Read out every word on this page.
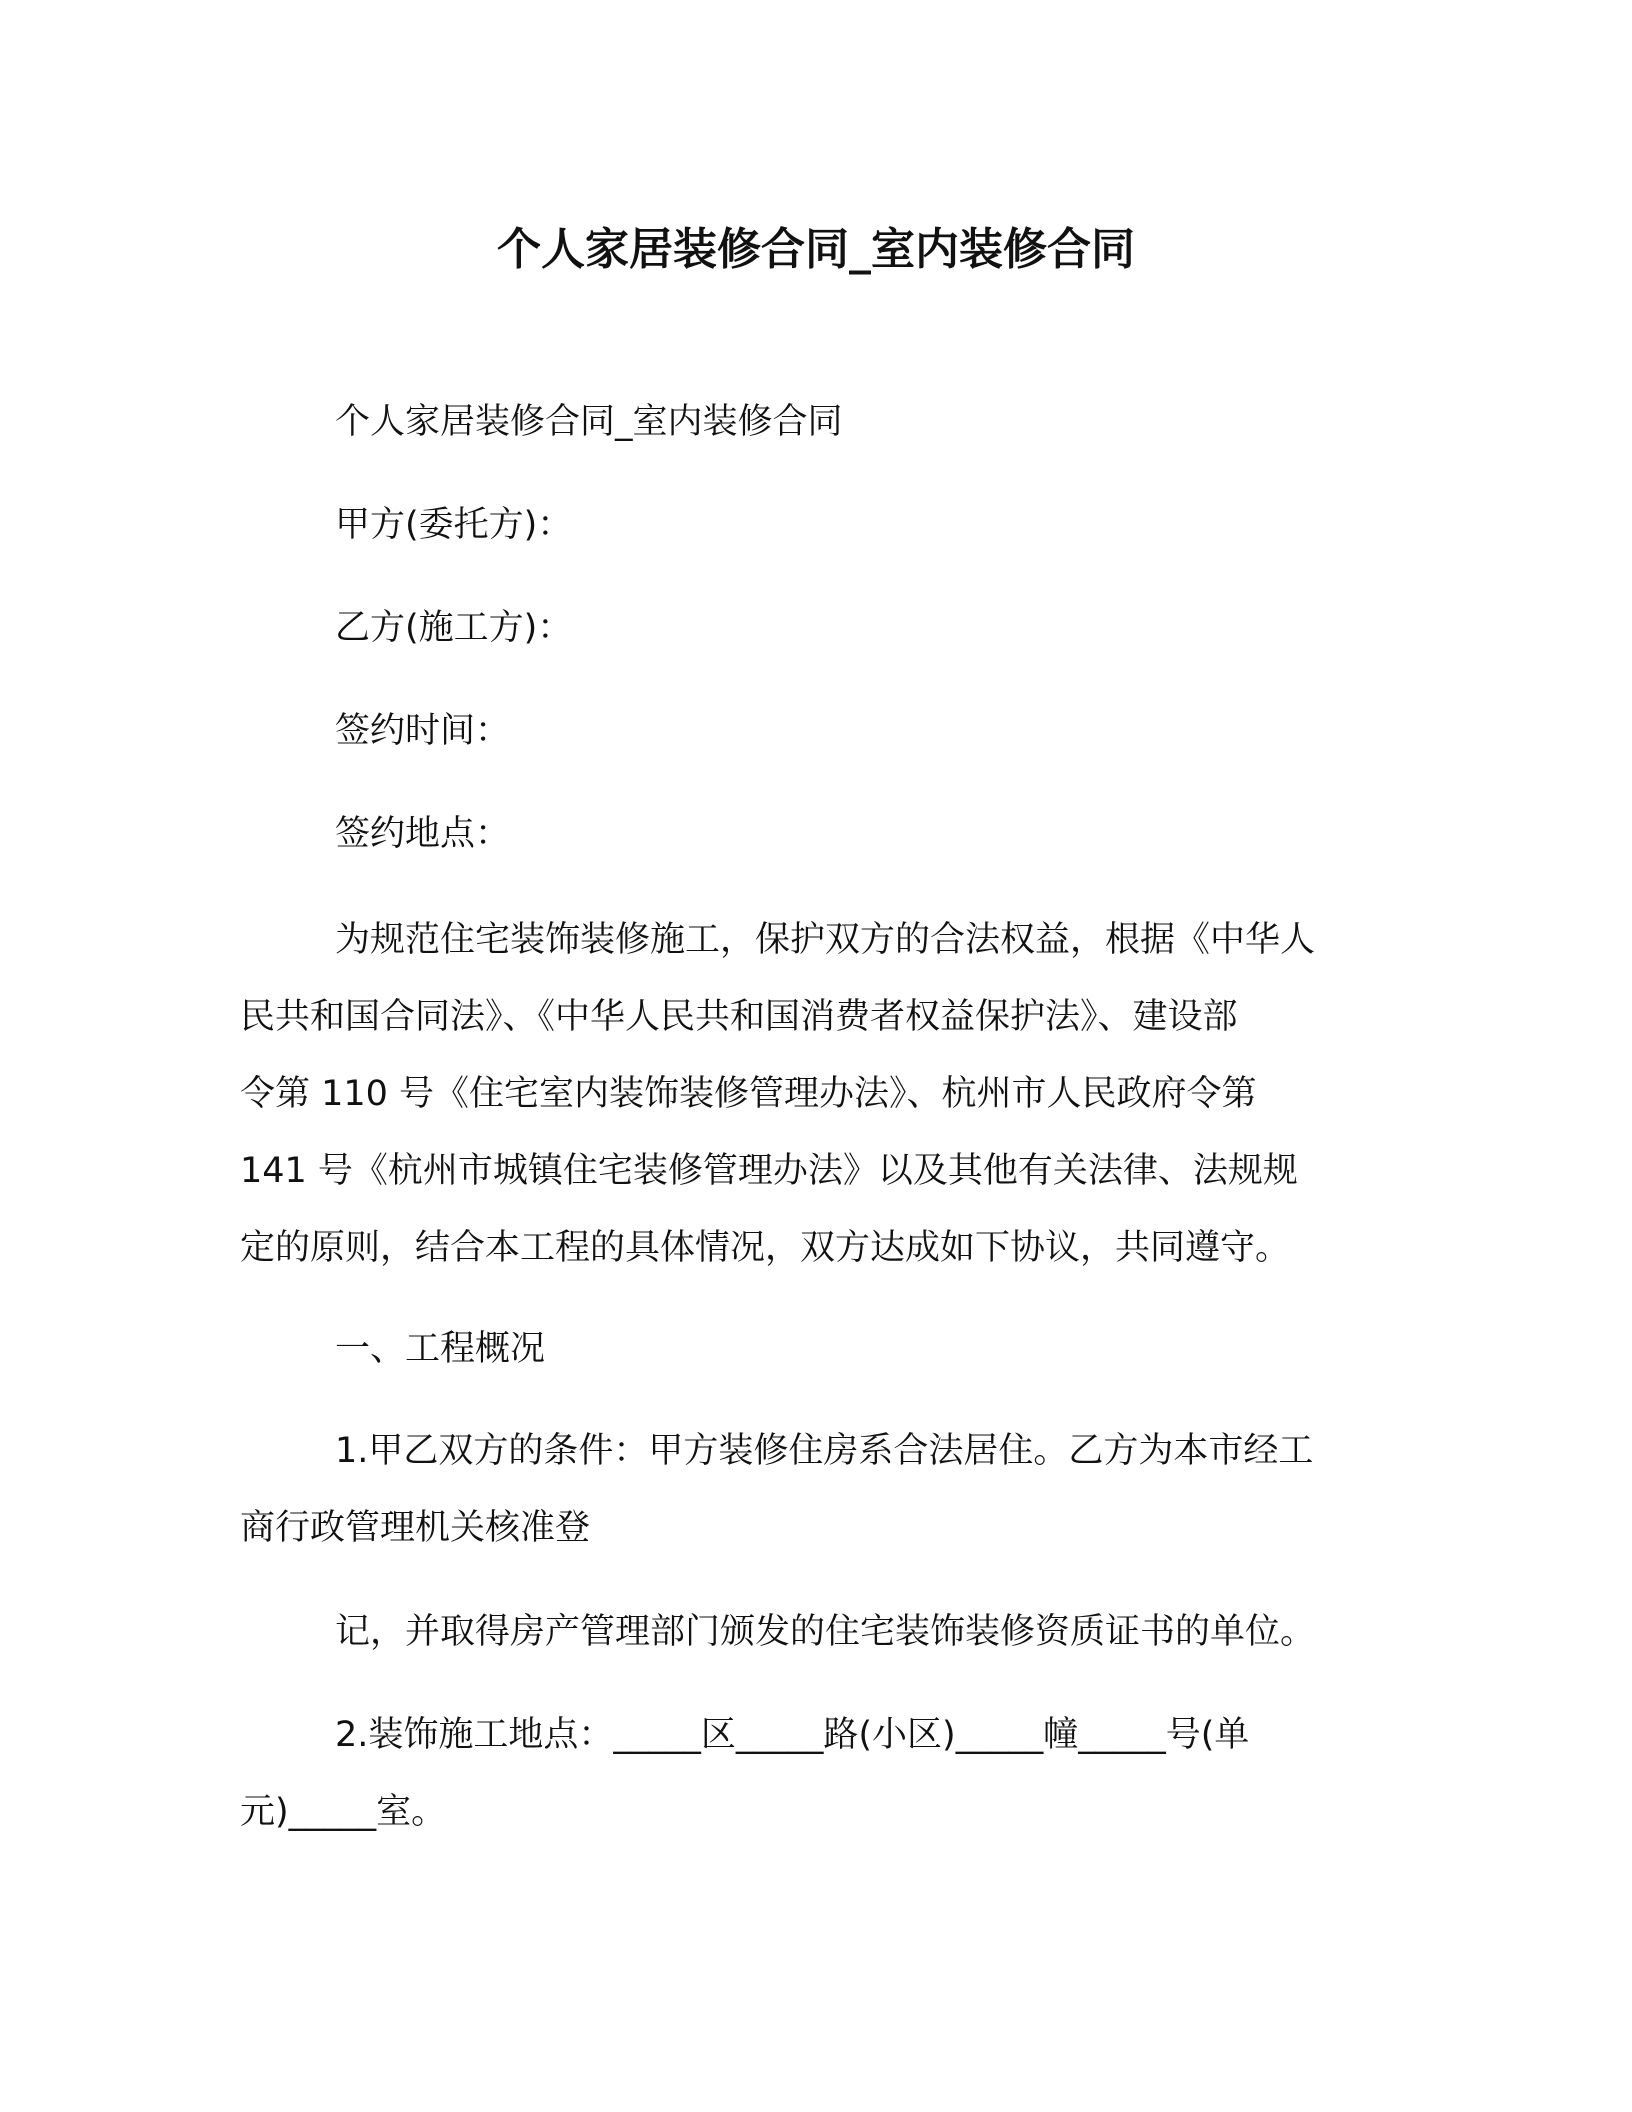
个人家居装修合同_室内装修合同
个人家居装修合同_室内装修合同
甲方(委托方)：
乙方(施工方)：
签约时间：
签约地点：
为规范住宅装饰装修施工，保护双方的合法权益，根据《中华人
民共和国合同法》、《中华人民共和国消费者权益保护法》、建设部
令第 110 号《住宅室内装饰装修管理办法》、杭州市人民政府令第
141 号《杭州市城镇住宅装修管理办法》以及其他有关法律、法规规
定的原则，结合本工程的具体情况，双方达成如下协议，共同遵守。
一、工程概况
1.甲乙双方的条件：甲方装修住房系合法居住。乙方为本市经工
商行政管理机关核准登
记，并取得房产管理部门颁发的住宅装饰装修资质证书的单位。
2.装饰施工地点：_____区_____路(小区)_____幢_____号(单
元)_____室。
